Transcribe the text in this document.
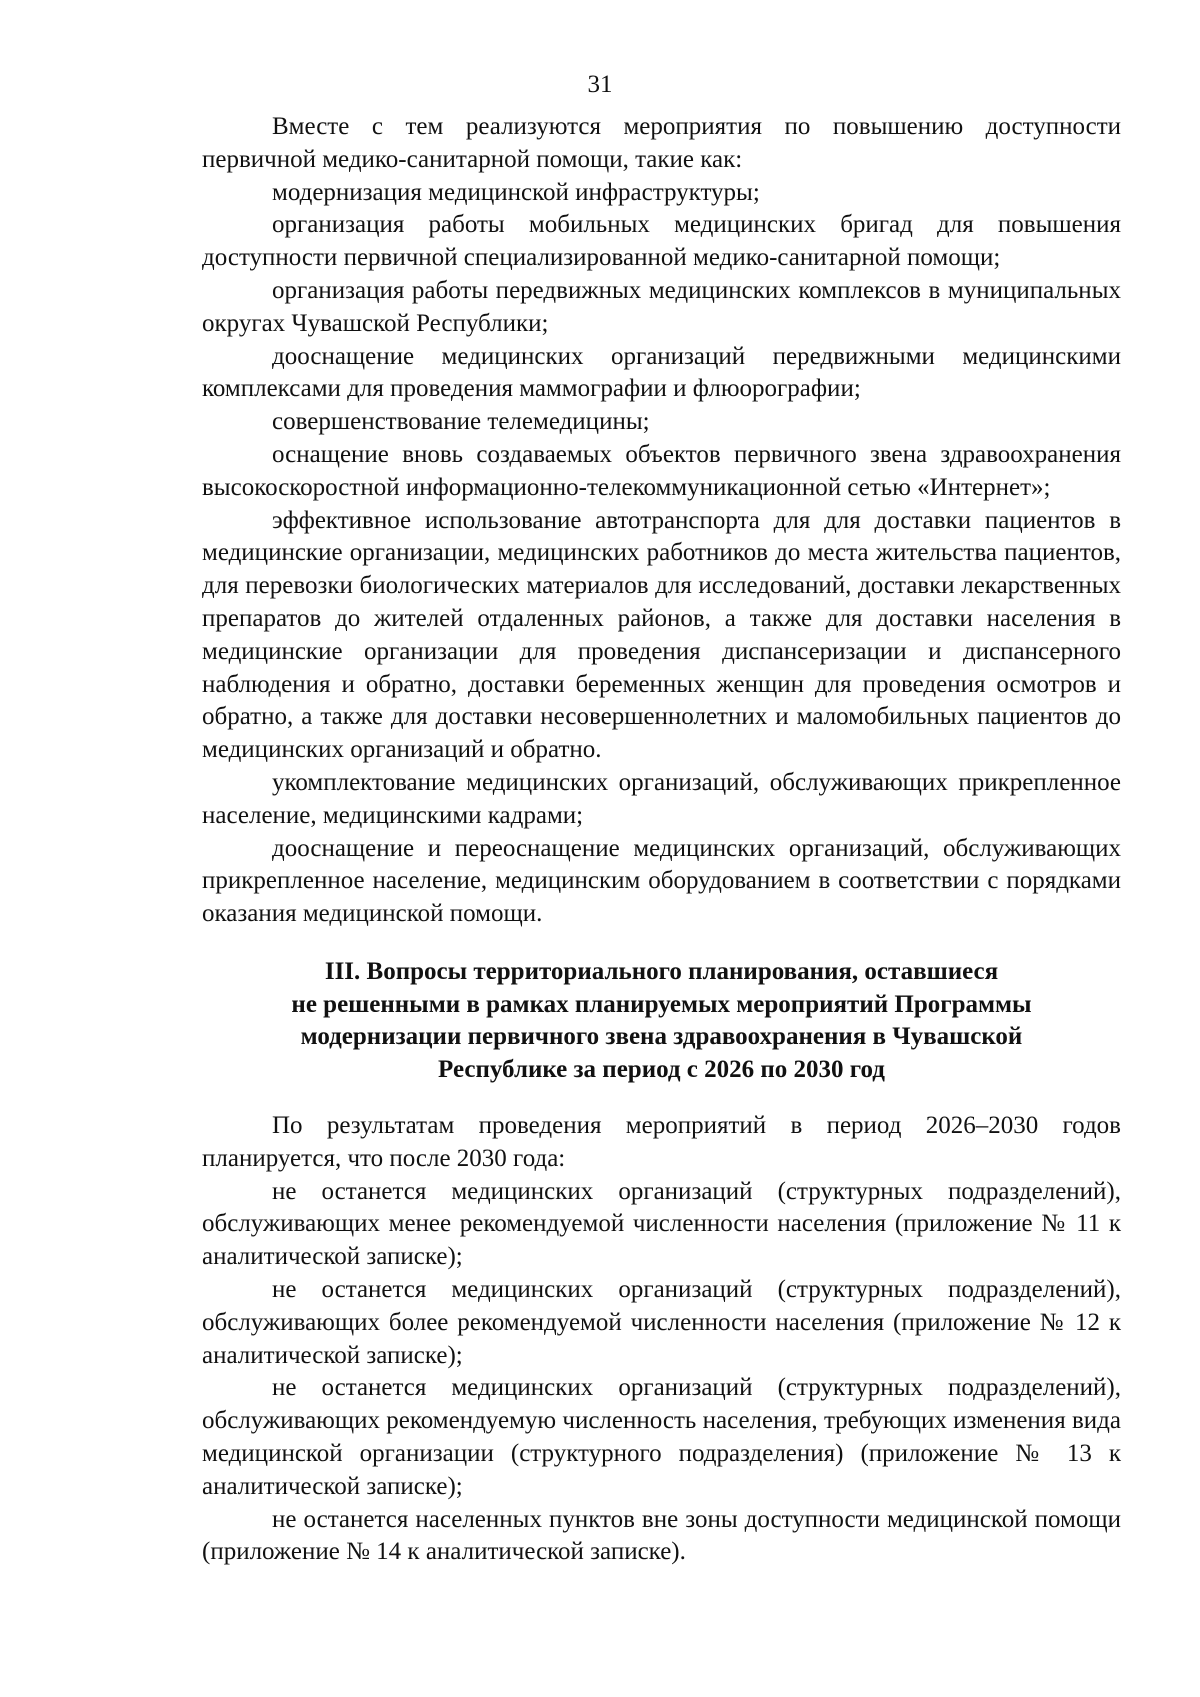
31

Вместе с тем реализуются мероприятия по повышению доступности первичной медико-санитарной помощи, такие как:

модернизация медицинской инфраструктуры;

организация работы мобильных медицинских бригад для повышения доступности первичной специализированной медико-санитарной помощи;

организация работы передвижных медицинских комплексов в муниципальных округах Чувашской Республики;

дооснащение медицинских организаций передвижными медицинскими комплексами для проведения маммографии и флюорографии;

совершенствование телемедицины;

оснащение вновь создаваемых объектов первичного звена здравоохранения высокоскоростной информационно-телекоммуникационной сетью «Интернет»;

эффективное использование автотранспорта для для доставки пациентов в медицинские организации, медицинских работников до места жительства пациентов, для перевозки биологических материалов для исследований, доставки лекарственных препаратов до жителей отдаленных районов, а также для доставки населения в медицинские организации для проведения диспансеризации и диспансерного наблюдения и обратно, доставки беременных женщин для проведения осмотров и обратно, а также для доставки несовершеннолетних и маломобильных пациентов до медицинских организаций и обратно.

укомплектование медицинских организаций, обслуживающих прикрепленное население, медицинскими кадрами;

дооснащение и переоснащение медицинских организаций, обслуживающих прикрепленное население, медицинским оборудованием в соответствии с порядками оказания медицинской помощи.

III. Вопросы территориального планирования, оставшиеся
не решенными в рамках планируемых мероприятий Программы
модернизации первичного звена здравоохранения в Чувашской
Республике за период с 2026 по 2030 год

По результатам проведения мероприятий в период 2026–2030 годов планируется, что после 2030 года:

не останется медицинских организаций (структурных подразделений), обслуживающих менее рекомендуемой численности населения (приложение № 11 к аналитической записке);

не останется медицинских организаций (структурных подразделений), обслуживающих более рекомендуемой численности населения (приложение № 12 к аналитической записке);

не останется медицинских организаций (структурных подразделений), обслуживающих рекомендуемую численность населения, требующих изменения вида медицинской организации (структурного подразделения) (приложение № 13 к аналитической записке);

не останется населенных пунктов вне зоны доступности медицинской помощи (приложение № 14 к аналитической записке).
